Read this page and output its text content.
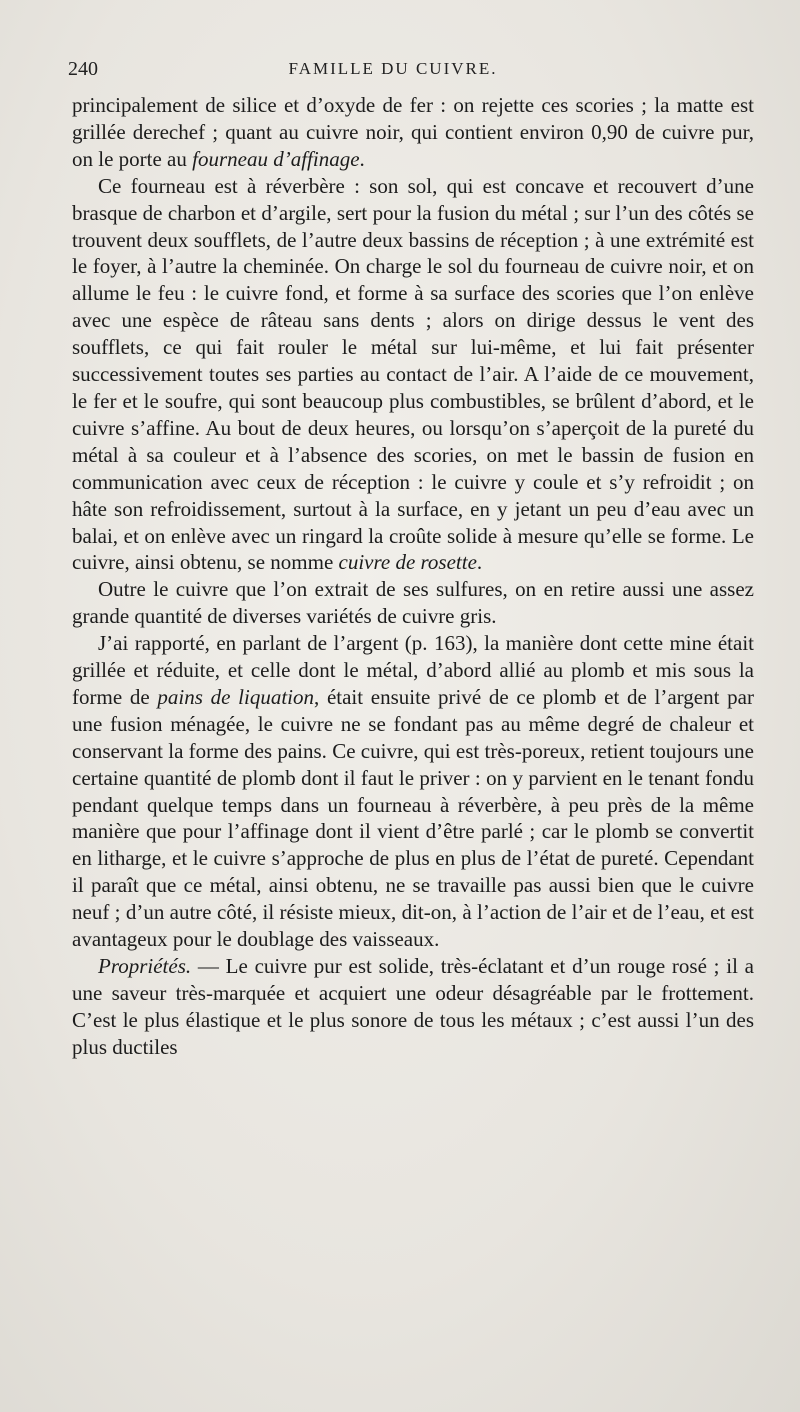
240	FAMILLE DU CUIVRE.

principalement de silice et d’oxyde de fer : on rejette ces scories ; la matte est grillée derechef ; quant au cuivre noir, qui contient environ 0,90 de cuivre pur, on le porte au fourneau d’affinage.

Ce fourneau est à réverbère : son sol, qui est concave et recouvert d’une brasque de charbon et d’argile, sert pour la fusion du métal ; sur l’un des côtés se trouvent deux soufflets, de l’autre deux bassins de réception ; à une extrémité est le foyer, à l’autre la cheminée. On charge le sol du fourneau de cuivre noir, et on allume le feu : le cuivre fond, et forme à sa surface des scories que l’on enlève avec une espèce de râteau sans dents ; alors on dirige dessus le vent des soufflets, ce qui fait rouler le métal sur lui-même, et lui fait présenter successivement toutes ses parties au contact de l’air. A l’aide de ce mouvement, le fer et le soufre, qui sont beaucoup plus combustibles, se brûlent d’abord, et le cuivre s’affine. Au bout de deux heures, ou lorsqu’on s’aperçoit de la pureté du métal à sa couleur et à l’absence des scories, on met le bassin de fusion en communication avec ceux de réception : le cuivre y coule et s’y refroidit ; on hâte son refroidissement, surtout à la surface, en y jetant un peu d’eau avec un balai, et on enlève avec un ringard la croûte solide à mesure qu’elle se forme. Le cuivre, ainsi obtenu, se nomme cuivre de rosette.

Outre le cuivre que l’on extrait de ses sulfures, on en retire aussi une assez grande quantité de diverses variétés de cuivre gris.

J’ai rapporté, en parlant de l’argent (p. 163), la manière dont cette mine était grillée et réduite, et celle dont le métal, d’abord allié au plomb et mis sous la forme de pains de liquation, était ensuite privé de ce plomb et de l’argent par une fusion ménagée, le cuivre ne se fondant pas au même degré de chaleur et conservant la forme des pains. Ce cuivre, qui est très-poreux, retient toujours une certaine quantité de plomb dont il faut le priver : on y parvient en le tenant fondu pendant quelque temps dans un fourneau à réverbère, à peu près de la même manière que pour l’affinage dont il vient d’être parlé ; car le plomb se convertit en litharge, et le cuivre s’approche de plus en plus de l’état de pureté. Cependant il paraît que ce métal, ainsi obtenu, ne se travaille pas aussi bien que le cuivre neuf ; d’un autre côté, il résiste mieux, dit-on, à l’action de l’air et de l’eau, et est avantageux pour le doublage des vaisseaux.

Propriétés. — Le cuivre pur est solide, très-éclatant et d’un rouge rosé ; il a une saveur très-marquée et acquiert une odeur désagréable par le frottement. C’est le plus élastique et le plus sonore de tous les métaux ; c’est aussi l’un des plus ductiles
